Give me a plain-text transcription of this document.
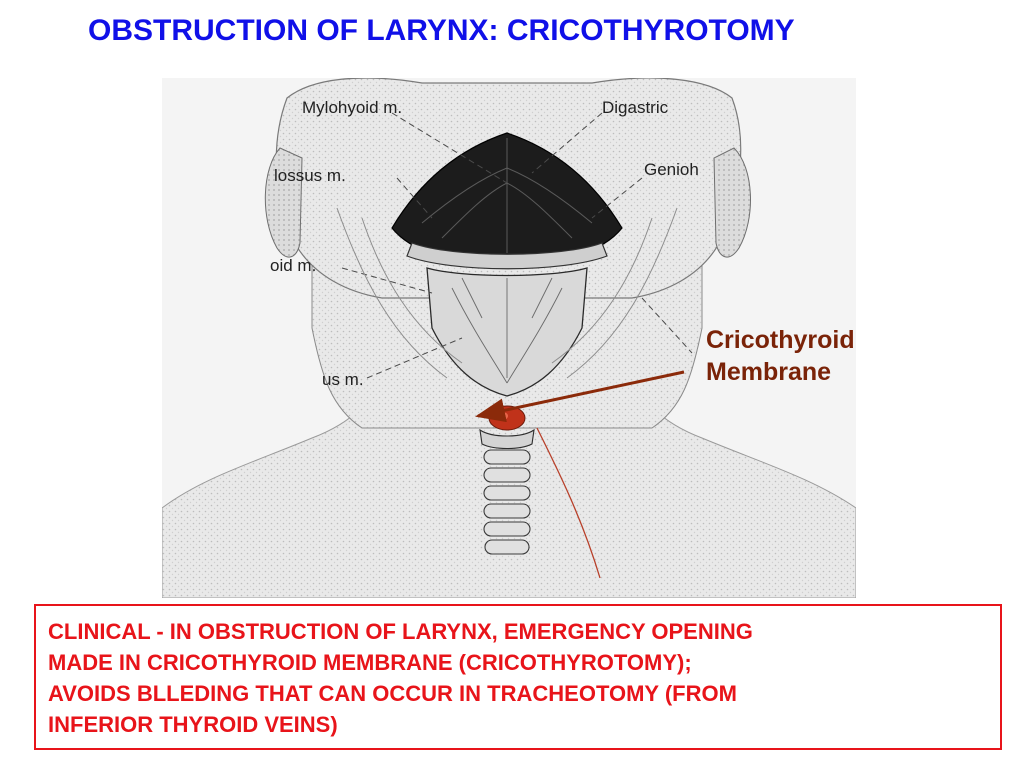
OBSTRUCTION OF LARYNX: CRICOTHYROTOMY
Mylohyoid m.	Digastric
lossus m.	Genioh
oid m.
us m.
Cricothyroid
Membrane

CLINICAL - IN OBSTRUCTION OF LARYNX, EMERGENCY OPENING
MADE IN CRICOTHYROID MEMBRANE (CRICOTHYROTOMY);
AVOIDS BLLEDING THAT CAN OCCUR IN TRACHEOTOMY (FROM
INFERIOR THYROID VEINS)
